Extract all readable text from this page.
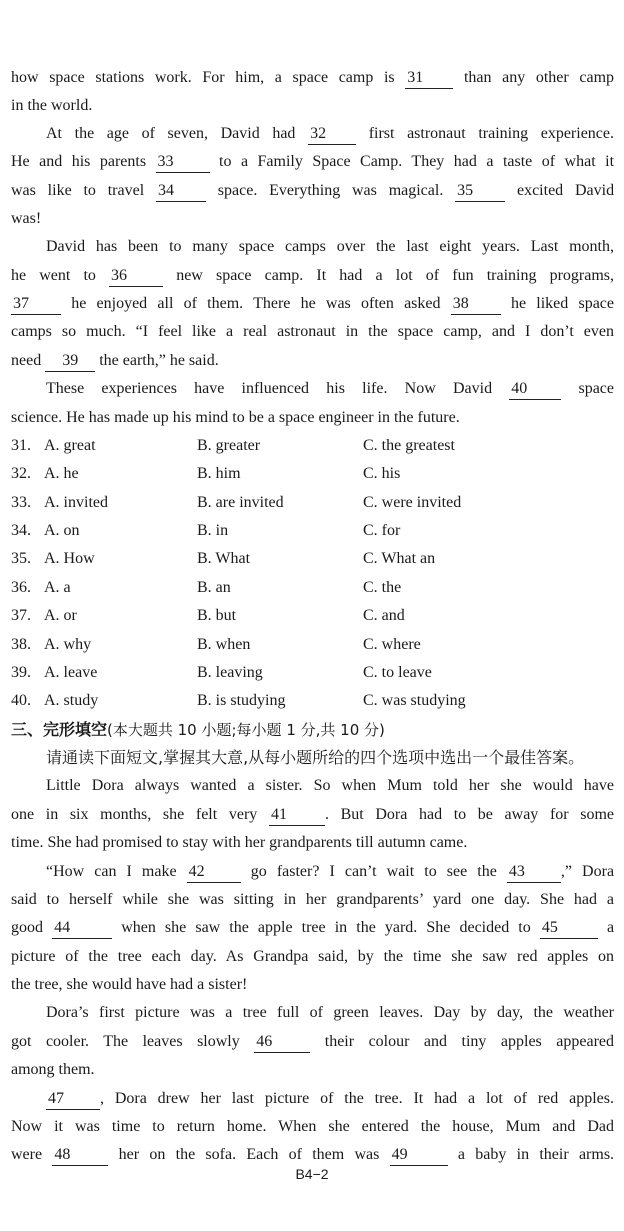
how space stations work. For him, a space camp is 31	than any other camp
in the world.
At the age of seven, David had 32	first astronaut training experience.
He and his parents 33	to a Family Space Camp. They had a taste of what it
was like to travel 34	space. Everything was magical. 35	excited David
was!
David has been to many space camps over the last eight years. Last month,
he went to 36	new space camp. It had a lot of fun training programs,
37	he enjoyed all of them. There he was often asked 38	he liked space
camps so much. “I feel like a real astronaut in the space camp, and I don’t even
need 39 the earth,” he said.
These experiences have influenced his life. Now David 40	space
science. He has made up his mind to be a space engineer in the future.
31. A. great	B. greater	C. the greatest
32. A. he	B. him	C. his
33. A. invited	B. are invited	C. were invited
34. A. on	B. in	C. for
35. A. How	B. What	C. What an
36. A. a	B. an	C. the
37. A. or	B. but	C. and
38. A. why	B. when	C. where
39. A. leave	B. leaving	C. to leave
40. A. study	B. is studying	C. was studying
三、完形填空(本大题共 10 小题;每小题 1 分,共 10 分)
请通读下面短文,掌握其大意,从每小题所给的四个选项中选出一个最佳答案。
Little Dora always wanted a sister. So when Mum told her she would have
one in six months, she felt very 41 . But Dora had to be away for some
time. She had promised to stay with her grandparents till autumn came.
“How can I make 42	go faster? I can’t wait to see the 43 ,” Dora
said to herself while she was sitting in her grandparents’ yard one day. She had a
good 44	when she saw the apple tree in the yard. She decided to 45	a
picture of the tree each day. As Grandpa said, by the time she saw red apples on
the tree, she would have had a sister!
Dora’s first picture was a tree full of green leaves. Day by day, the weather
got cooler. The leaves slowly 46	their colour and tiny apples appeared
among them.
47 , Dora drew her last picture of the tree. It had a lot of red apples.
Now it was time to return home. When she entered the house, Mum and Dad
were 48	her on the sofa. Each of them was 49	a baby in their arms.
B4−2
